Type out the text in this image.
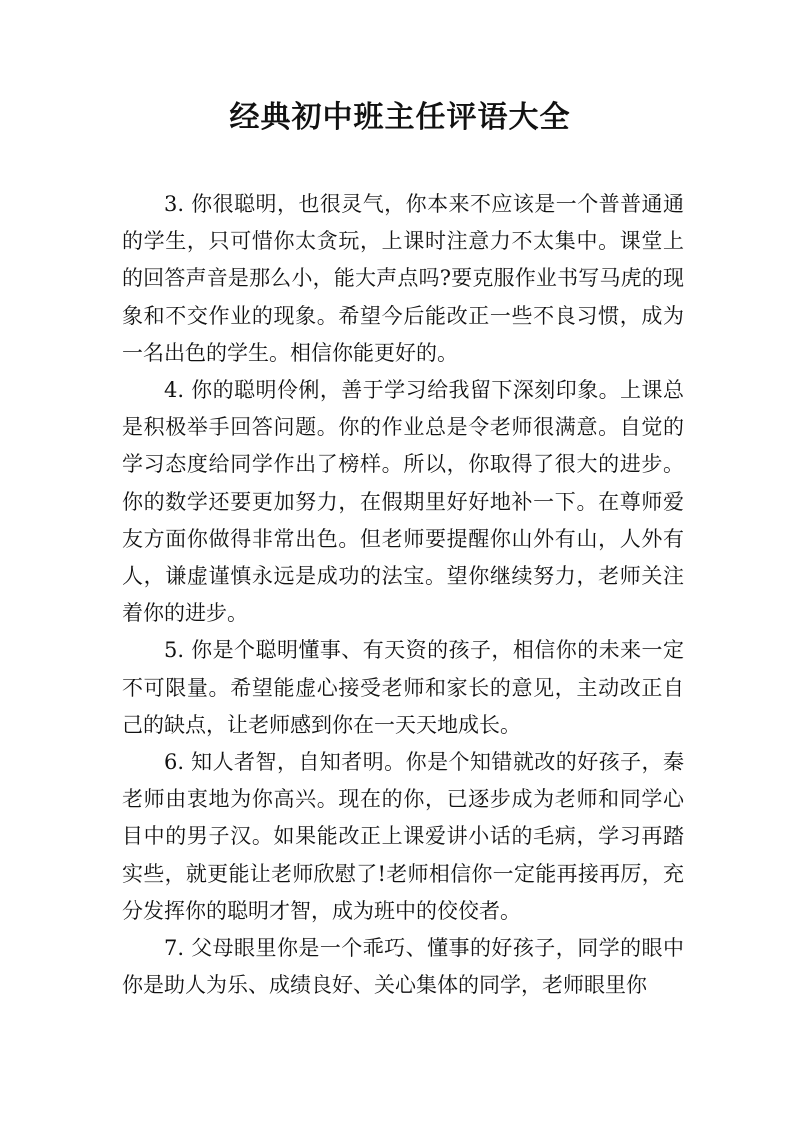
经典初中班主任评语大全

3. 你很聪明，也很灵气，你本来不应该是一个普普通通的学生，只可惜你太贪玩，上课时注意力不太集中。课堂上的回答声音是那么小，能大声点吗?要克服作业书写马虎的现象和不交作业的现象。希望今后能改正一些不良习惯，成为一名出色的学生。相信你能更好的。

4. 你的聪明伶俐，善于学习给我留下深刻印象。上课总是积极举手回答问题。你的作业总是令老师很满意。自觉的学习态度给同学作出了榜样。所以，你取得了很大的进步。你的数学还要更加努力，在假期里好好地补一下。在尊师爱友方面你做得非常出色。但老师要提醒你山外有山，人外有人，谦虚谨慎永远是成功的法宝。望你继续努力，老师关注着你的进步。

5. 你是个聪明懂事、有天资的孩子，相信你的未来一定不可限量。希望能虚心接受老师和家长的意见，主动改正自己的缺点，让老师感到你在一天天地成长。

6. 知人者智，自知者明。你是个知错就改的好孩子，秦老师由衷地为你高兴。现在的你，已逐步成为老师和同学心目中的男子汉。如果能改正上课爱讲小话的毛病，学习再踏实些，就更能让老师欣慰了!老师相信你一定能再接再厉，充分发挥你的聪明才智，成为班中的佼佼者。

7. 父母眼里你是一个乖巧、懂事的好孩子，同学的眼中你是助人为乐、成绩良好、关心集体的同学，老师眼里你
